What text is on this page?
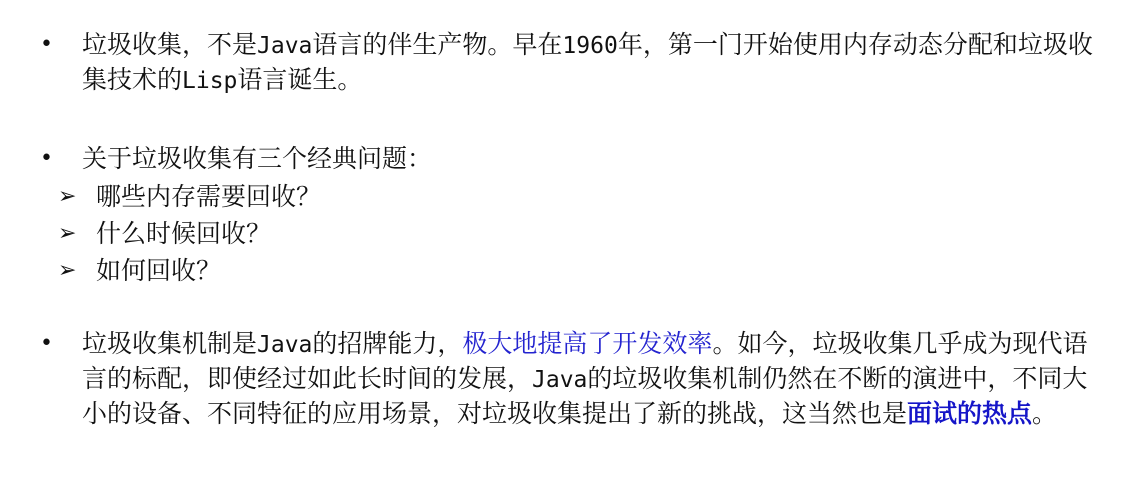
• 垃圾收集，不是Java语言的伴生产物。早在1960年，第一门开始使用内存动态分配和垃圾收集技术的Lisp语言诞生。

• 关于垃圾收集有三个经典问题：

➢ 哪些内存需要回收？
➢ 什么时候回收？
➢ 如何回收？
• 垃圾收集机制是Java的招牌能力，极大地提高了开发效率。如今，垃圾收集几乎成为现代语言的标配，即使经过如此长时间的发展，Java的垃圾收集机制仍然在不断的演进中，不同大小的设备、不同特征的应用场景，对垃圾收集提出了新的挑战，这当然也是面试的热点。
